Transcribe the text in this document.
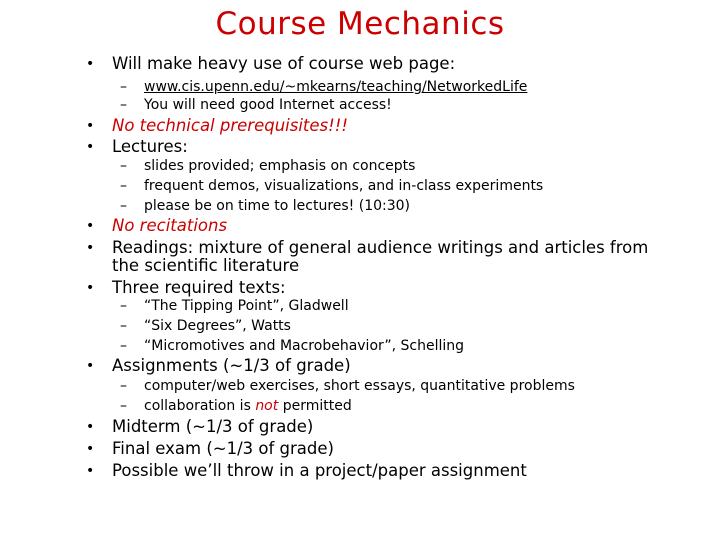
Course Mechanics
• Will make heavy use of course web page:
– www.cis.upenn.edu/~mkearns/teaching/NetworkedLife
– You will need good Internet access!
• No technical prerequisites!!!
• Lectures:
– slides provided; emphasis on concepts
– frequent demos, visualizations, and in-class experiments
– please be on time to lectures! (10:30)
• No recitations
• Readings: mixture of general audience writings and articles from
the scientific literature
• Three required texts:
– “The Tipping Point”, Gladwell
– “Six Degrees”, Watts
– “Micromotives and Macrobehavior”, Schelling
• Assignments (~1/3 of grade)
– computer/web exercises, short essays, quantitative problems
– collaboration is not permitted
• Midterm (~1/3 of grade)
• Final exam (~1/3 of grade)
• Possible we’ll throw in a project/paper assignment
